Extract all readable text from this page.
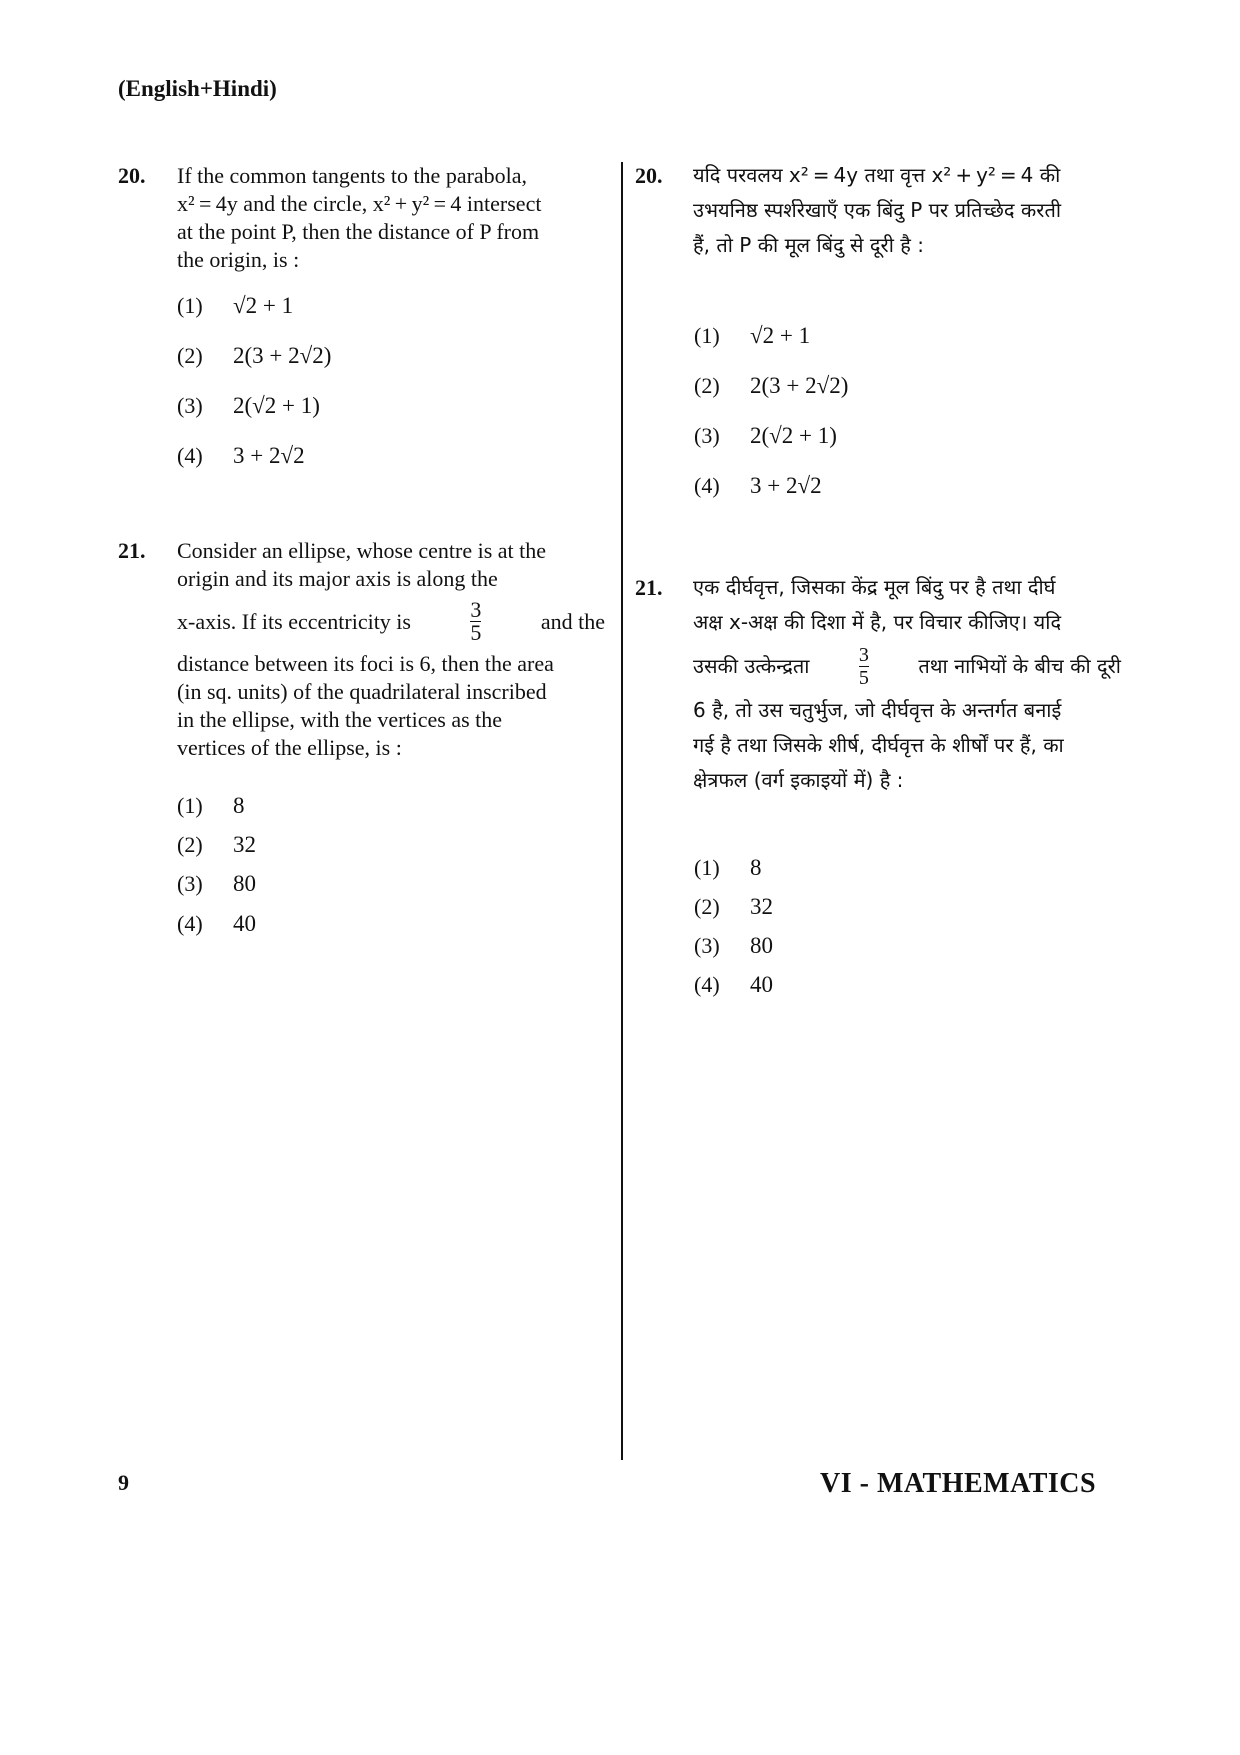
(English+Hindi)
20. If the common tangents to the parabola,
x² = 4y and the circle, x² + y² = 4 intersect
at the point P, then the distance of P from
the origin, is :
(1) √2 + 1
(2) 2(3 + 2√2)
(3) 2(√2 + 1)
(4) 3 + 2√2
21. Consider an ellipse, whose centre is at the
origin and its major axis is along the
x-axis. If its eccentricity is	$\frac{3}{5}$	and the
distance between its foci is 6, then the area
(in sq. units) of the quadrilateral inscribed
in the ellipse, with the vertices as the
vertices of the ellipse, is :
(1) 8
(2) 32
(3) 80
(4) 40
20. यदि परवलय x² = 4y तथा वृत्त x² + y² = 4 की
उभयनिष्ठ स्पर्शरेखाएँ एक बिंदु P पर प्रतिच्छेद करती
हैं, तो P की मूल बिंदु से दूरी है :
(1) √2 + 1
(2) 2(3 + 2√2)
(3) 2(√2 + 1)
(4) 3 + 2√2
21. एक दीर्घवृत्त, जिसका केंद्र मूल बिंदु पर है तथा दीर्घ
अक्ष x-अक्ष की दिशा में है, पर विचार कीजिए। यदि
उसकी उत्केन्द्रता $\frac{3}{5}$ तथा नाभियों के बीच की दूरी
6 है, तो उस चतुर्भुज, जो दीर्घवृत्त के अन्तर्गत बनाई
गई है तथा जिसके शीर्ष, दीर्घवृत्त के शीर्षों पर हैं, का
क्षेत्रफल (वर्ग इकाइयों में) है :
(1) 8
(2) 32
(3) 80
(4) 40
9	VI - MATHEMATICS
